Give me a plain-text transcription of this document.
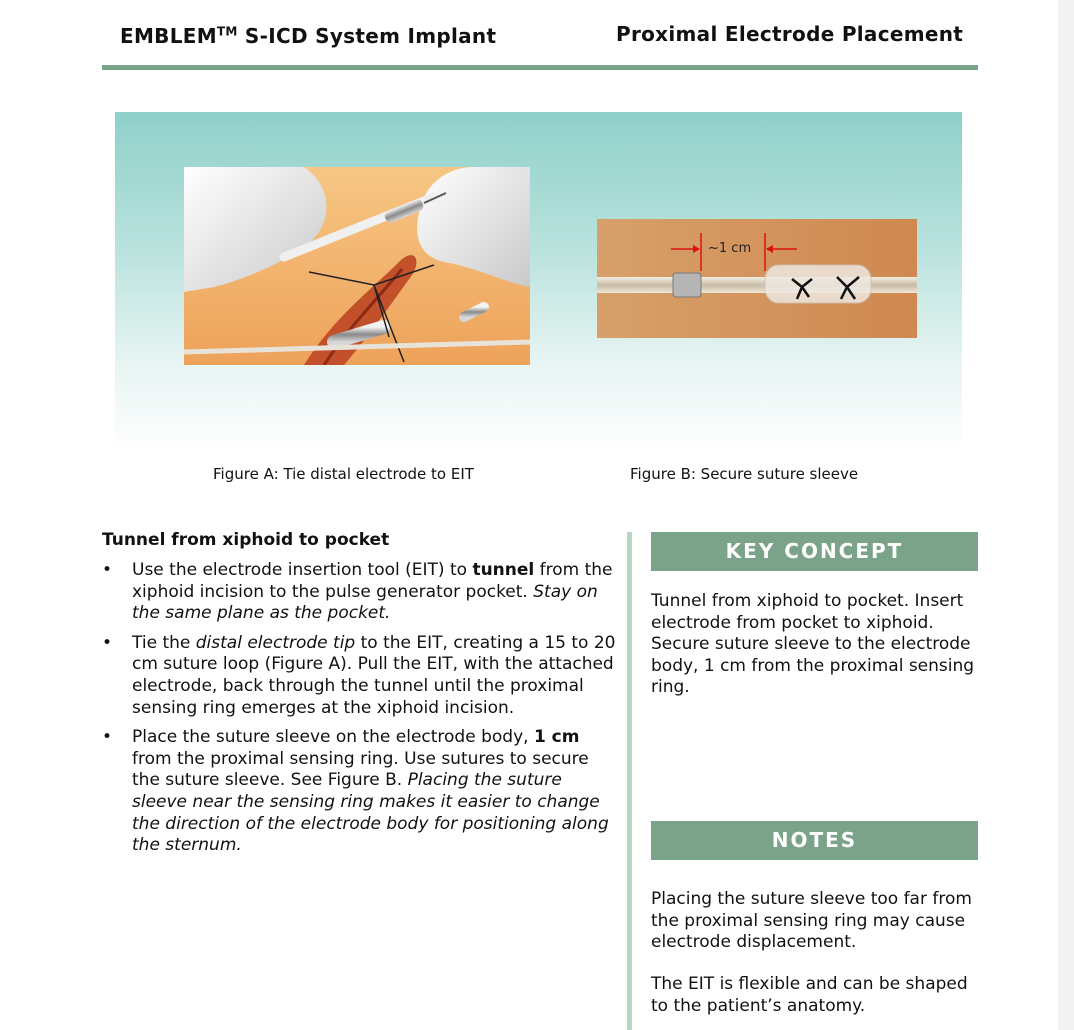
EMBLEM™ S-ICD System Implant	Proximal Electrode Placement
~1 cm
Figure A: Tie distal electrode to EIT	Figure B: Secure suture sleeve
Tunnel from xiphoid to pocket
•	Use the electrode insertion tool (EIT) to tunnel from the xiphoid incision to the pulse generator pocket. Stay on the same plane as the pocket.
•	Tie the distal electrode tip to the EIT, creating a 15 to 20 cm suture loop (Figure A). Pull the EIT, with the attached electrode, back through the tunnel until the proximal sensing ring emerges at the xiphoid incision.
•	Place the suture sleeve on the electrode body, 1 cm from the proximal sensing ring. Use sutures to secure the suture sleeve. See Figure B. Placing the suture sleeve near the sensing ring makes it easier to change the direction of the electrode body for positioning along the sternum.
KEY CONCEPT
Tunnel from xiphoid to pocket. Insert electrode from pocket to xiphoid. Secure suture sleeve to the electrode body, 1 cm from the proximal sensing ring.
NOTES
Placing the suture sleeve too far from the proximal sensing ring may cause electrode displacement.
The EIT is flexible and can be shaped to the patient’s anatomy.
